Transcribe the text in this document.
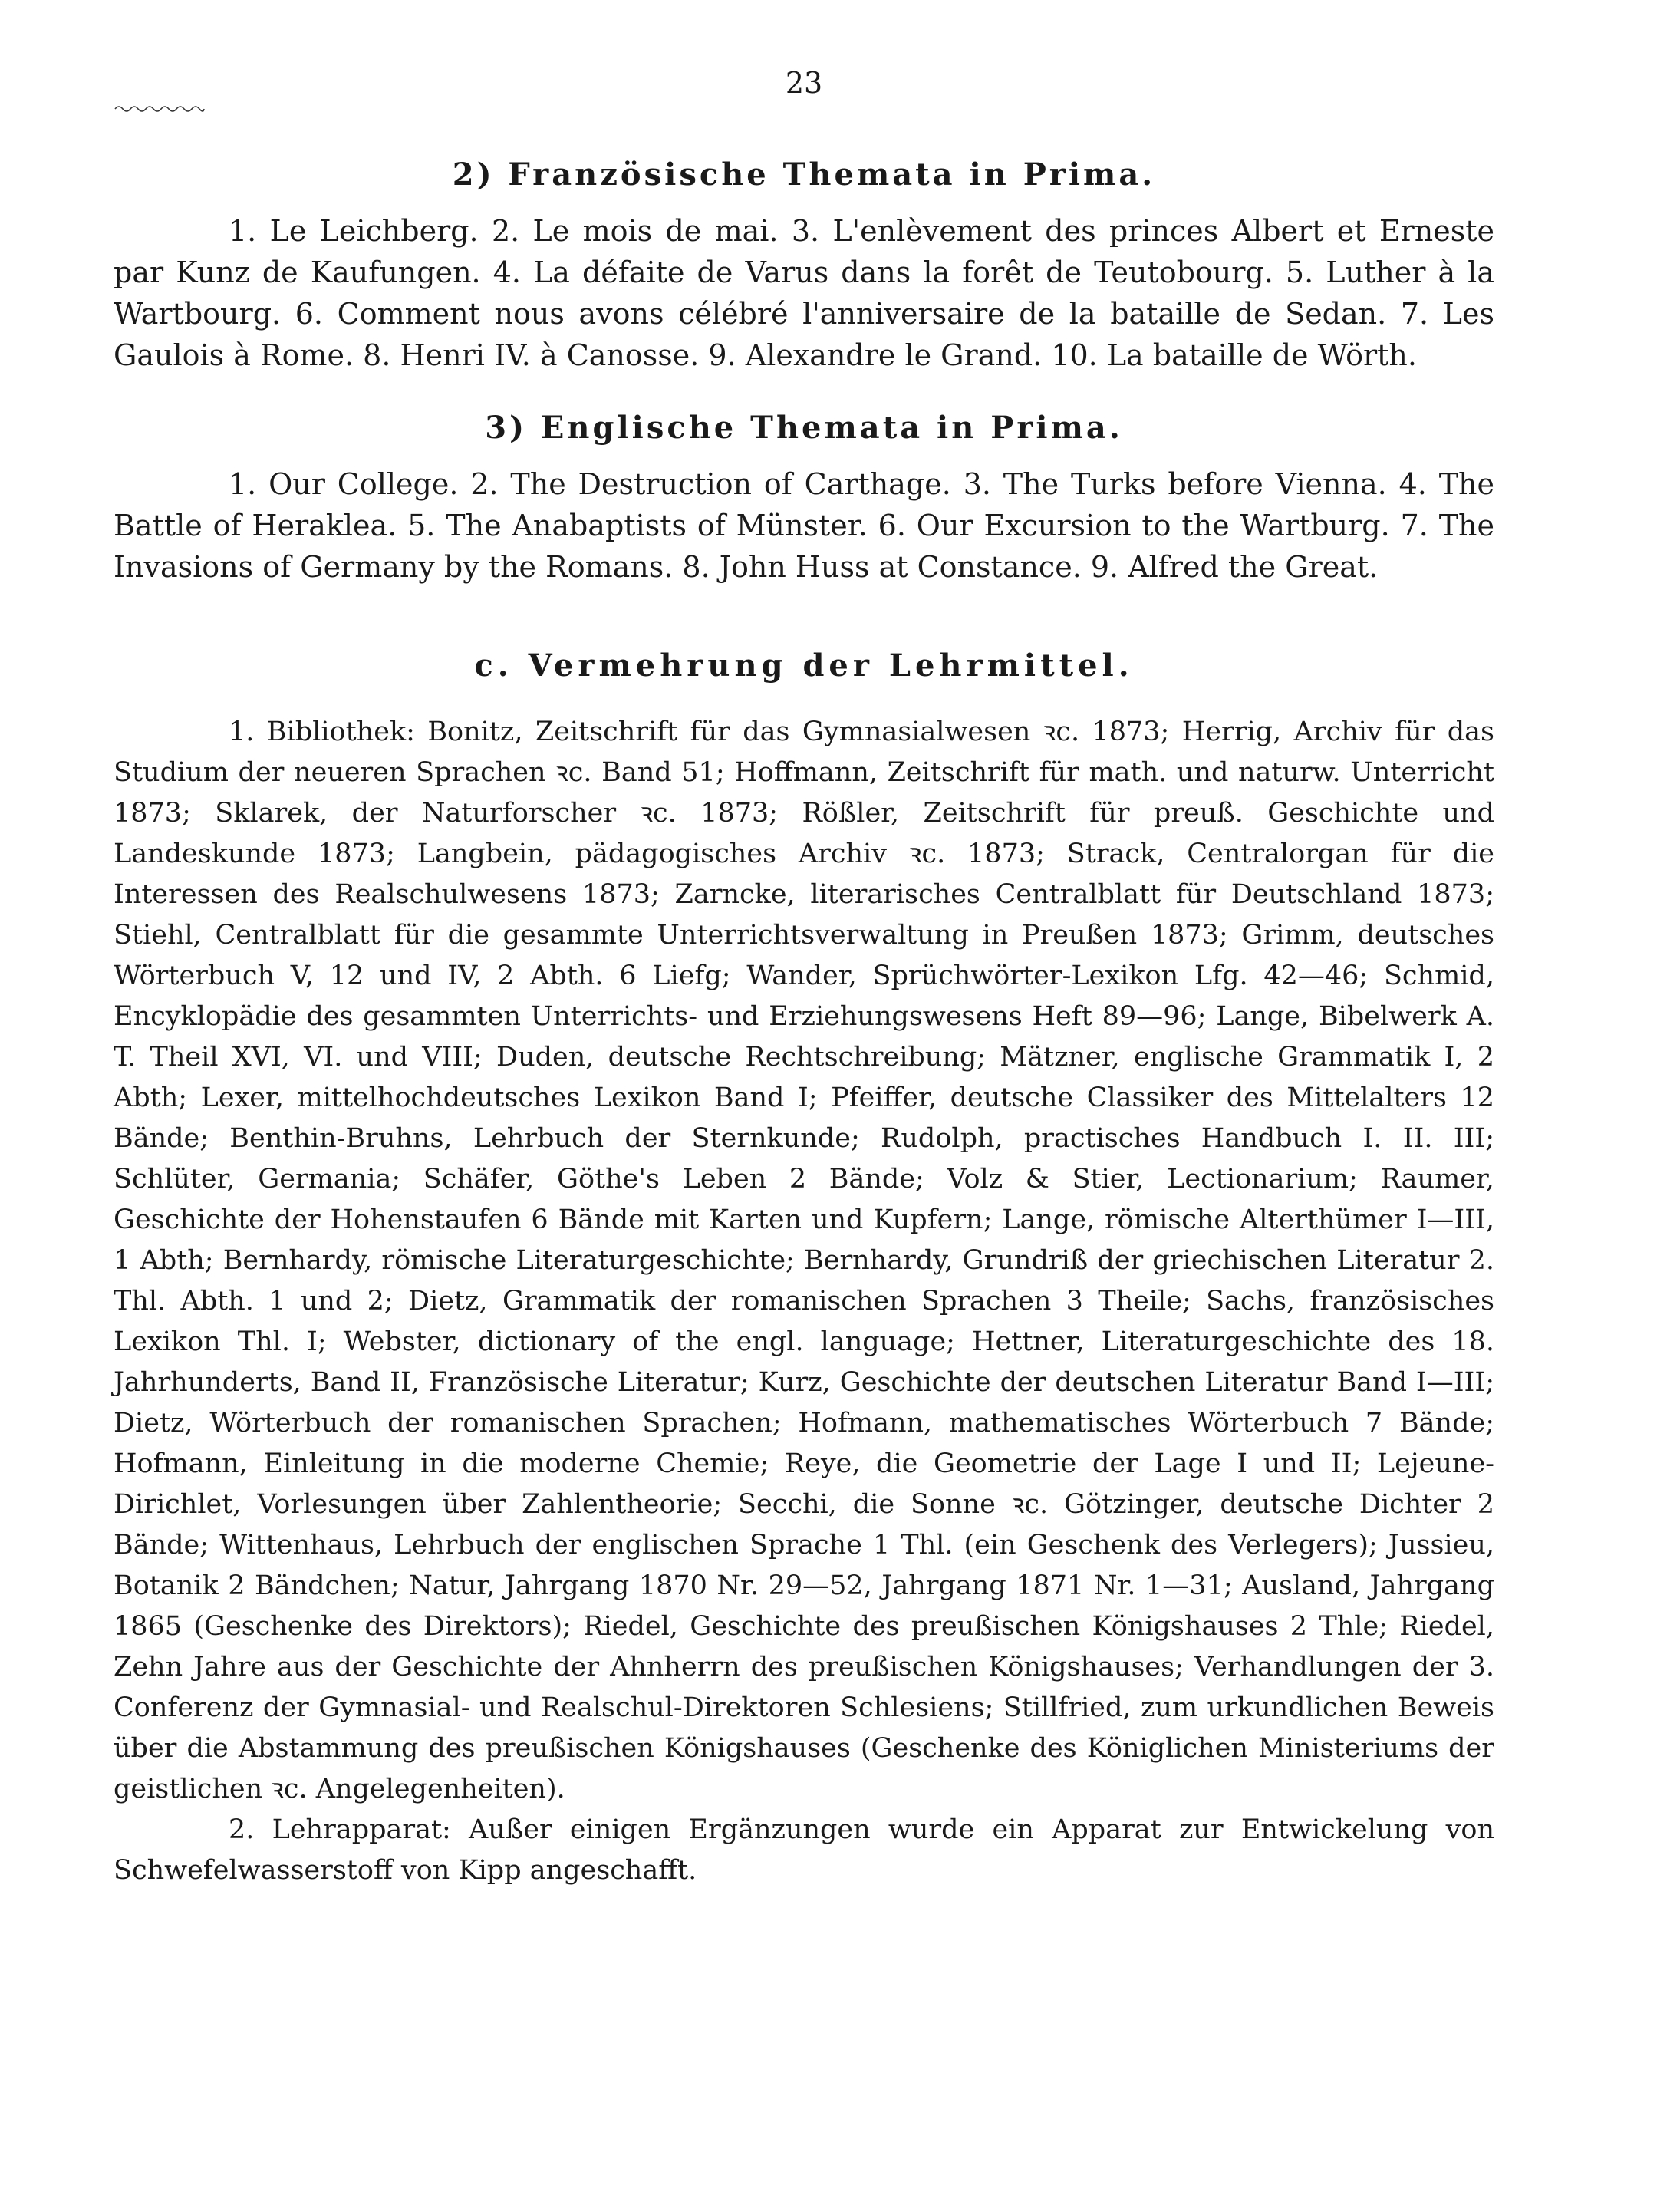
23

2) Französische Themata in Prima.

1. Le Leichberg. 2. Le mois de mai. 3. L'enlèvement des princes Albert et Erneste par Kunz de Kaufungen. 4. La défaite de Varus dans la forêt de Teutobourg. 5. Luther à la Wartbourg. 6. Comment nous avons célébré l'anniversaire de la bataille de Sedan. 7. Les Gaulois à Rome. 8. Henri IV. à Canosse. 9. Alexandre le Grand. 10. La bataille de Wörth.

3) Englische Themata in Prima.

1. Our College. 2. The Destruction of Carthage. 3. The Turks before Vienna. 4. The Battle of Heraklea. 5. The Anabaptists of Münster. 6. Our Excursion to the Wartburg. 7. The Invasions of Germany by the Romans. 8. John Huss at Constance. 9. Alfred the Great.

c. Vermehrung der Lehrmittel.

1. Bibliothek: Bonitz, Zeitschrift für das Gymnasialwesen ꝛc. 1873; Herrig, Archiv für das Studium der neueren Sprachen ꝛc. Band 51; Hoffmann, Zeitschrift für math. und naturw. Unterricht 1873; Sklarek, der Naturforscher ꝛc. 1873; Rößler, Zeitschrift für preuß. Geschichte und Landeskunde 1873; Langbein, pädagogisches Archiv ꝛc. 1873; Strack, Centralorgan für die Interessen des Realschulwesens 1873; Zarncke, literarisches Centralblatt für Deutschland 1873; Stiehl, Centralblatt für die gesammte Unterrichtsverwaltung in Preußen 1873; Grimm, deutsches Wörterbuch V, 12 und IV, 2 Abth. 6 Liefg; Wander, Sprüchwörter-Lexikon Lfg. 42—46; Schmid, Encyklopädie des gesammten Unterrichts- und Erziehungswesens Heft 89—96; Lange, Bibelwerk A. T. Theil XVI, VI. und VIII; Duden, deutsche Rechtschreibung; Mätzner, englische Grammatik I, 2 Abth; Lexer, mittelhochdeutsches Lexikon Band I; Pfeiffer, deutsche Classiker des Mittelalters 12 Bände; Benthin-Bruhns, Lehrbuch der Sternkunde; Rudolph, practisches Handbuch I. II. III; Schlüter, Germania; Schäfer, Göthe's Leben 2 Bände; Volz & Stier, Lectionarium; Raumer, Geschichte der Hohenstaufen 6 Bände mit Karten und Kupfern; Lange, römische Alterthümer I—III, 1 Abth; Bernhardy, römische Literaturgeschichte; Bernhardy, Grundriß der griechischen Literatur 2. Thl. Abth. 1 und 2; Dietz, Grammatik der romanischen Sprachen 3 Theile; Sachs, französisches Lexikon Thl. I; Webster, dictionary of the engl. language; Hettner, Literaturgeschichte des 18. Jahrhunderts, Band II, Französische Literatur; Kurz, Geschichte der deutschen Literatur Band I—III; Dietz, Wörterbuch der romanischen Sprachen; Hofmann, mathematisches Wörterbuch 7 Bände; Hofmann, Einleitung in die moderne Chemie; Reye, die Geometrie der Lage I und II; Lejeune-Dirichlet, Vorlesungen über Zahlentheorie; Secchi, die Sonne ꝛc. Götzinger, deutsche Dichter 2 Bände; Wittenhaus, Lehrbuch der englischen Sprache 1 Thl. (ein Geschenk des Verlegers); Jussieu, Botanik 2 Bändchen; Natur, Jahrgang 1870 Nr. 29—52, Jahrgang 1871 Nr. 1—31; Ausland, Jahrgang 1865 (Geschenke des Direktors); Riedel, Geschichte des preußischen Königshauses 2 Thle; Riedel, Zehn Jahre aus der Geschichte der Ahnherrn des preußischen Königshauses; Verhandlungen der 3. Conferenz der Gymnasial- und Realschul-Direktoren Schlesiens; Stillfried, zum urkundlichen Beweis über die Abstammung des preußischen Königshauses (Geschenke des Königlichen Ministeriums der geistlichen ꝛc. Angelegenheiten).

2. Lehrapparat: Außer einigen Ergänzungen wurde ein Apparat zur Entwickelung von Schwefelwasserstoff von Kipp angeschafft.
